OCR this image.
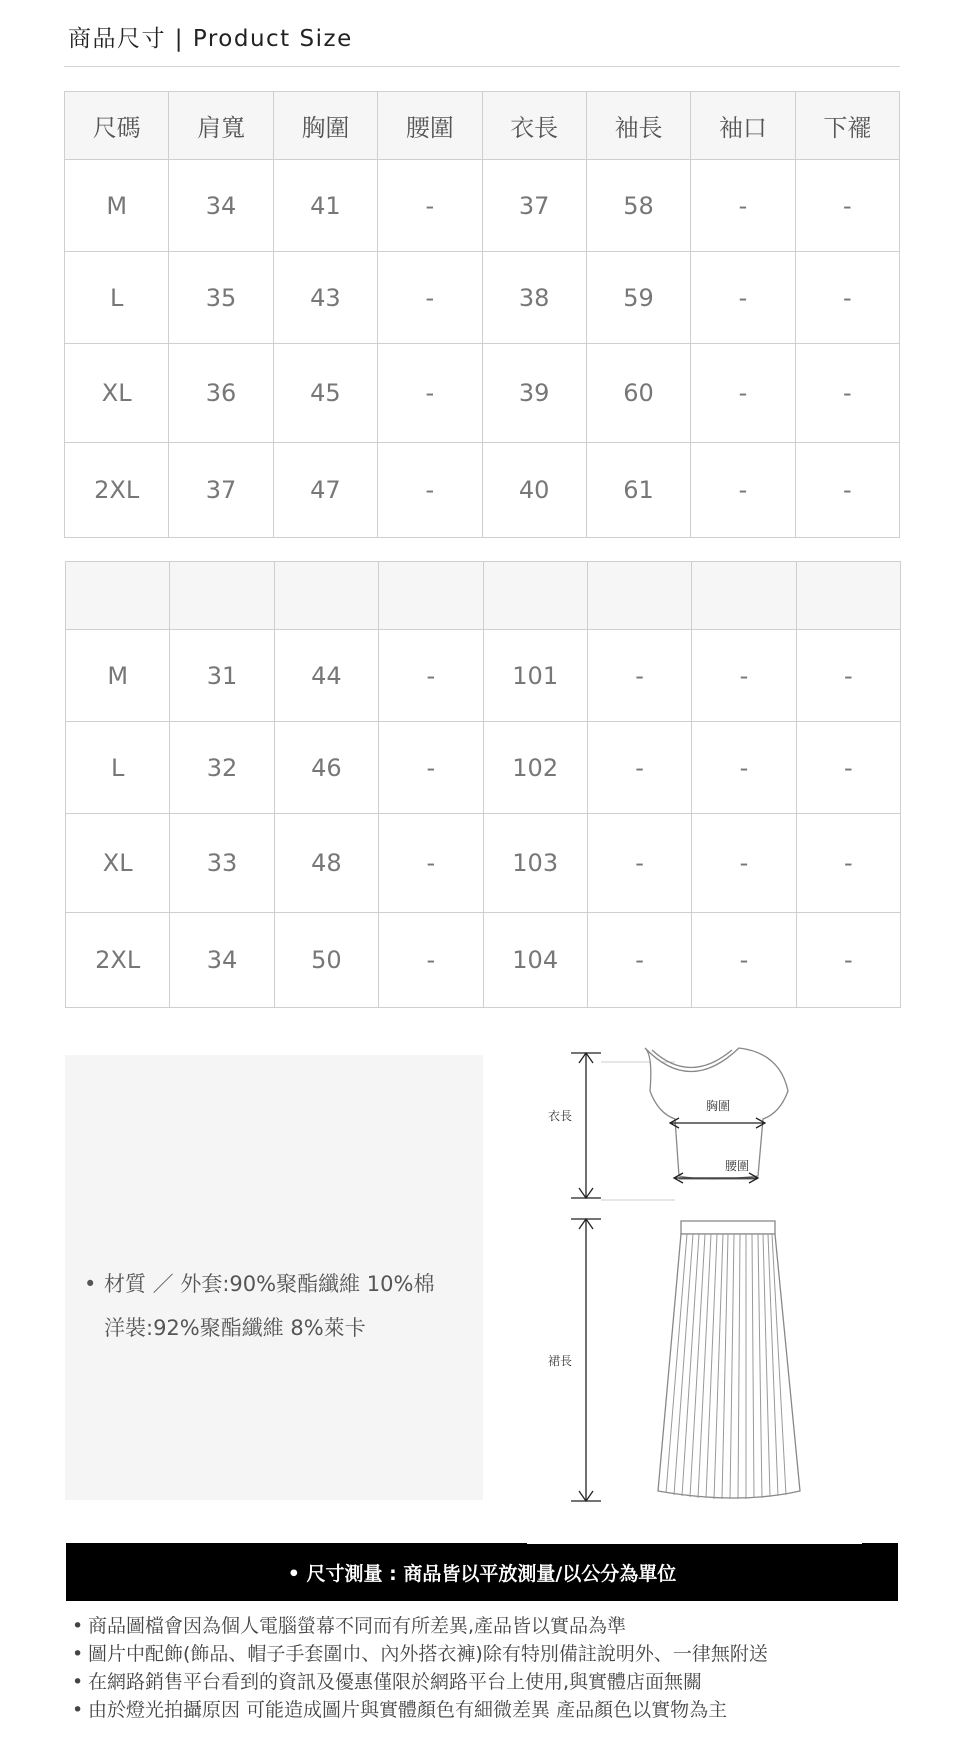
商品尺寸 | Product Size
尺碼	肩寬	胸圍	腰圍	衣長	袖長	袖口	下襬
M	34	41	-	37	58	-	-
L	35	43	-	38	59	-	-
XL	36	45	-	39	60	-	-
2XL	37	47	-	40	61	-	-

M	31	44	-	101	-	-	-
L	32	46	-	102	-	-	-
XL	33	48	-	103	-	-	-
2XL	34	50	-	104	-	-	-
• 材質 ／ 外套:90%聚酯纖維 10%棉
洋裝:92%聚酯纖維 8%萊卡
衣長
裙長
胸圍
腰圍
• 尺寸測量 : 商品皆以平放測量/以公分為單位
• 商品圖檔會因為個人電腦螢幕不同而有所差異,產品皆以實品為準
• 圖片中配飾(飾品、帽子手套圍巾、內外搭衣褲)除有特別備註說明外、一律無附送
• 在網路銷售平台看到的資訊及優惠僅限於網路平台上使用,與實體店面無關
• 由於燈光拍攝原因 可能造成圖片與實體顏色有細微差異 產品顏色以實物為主
